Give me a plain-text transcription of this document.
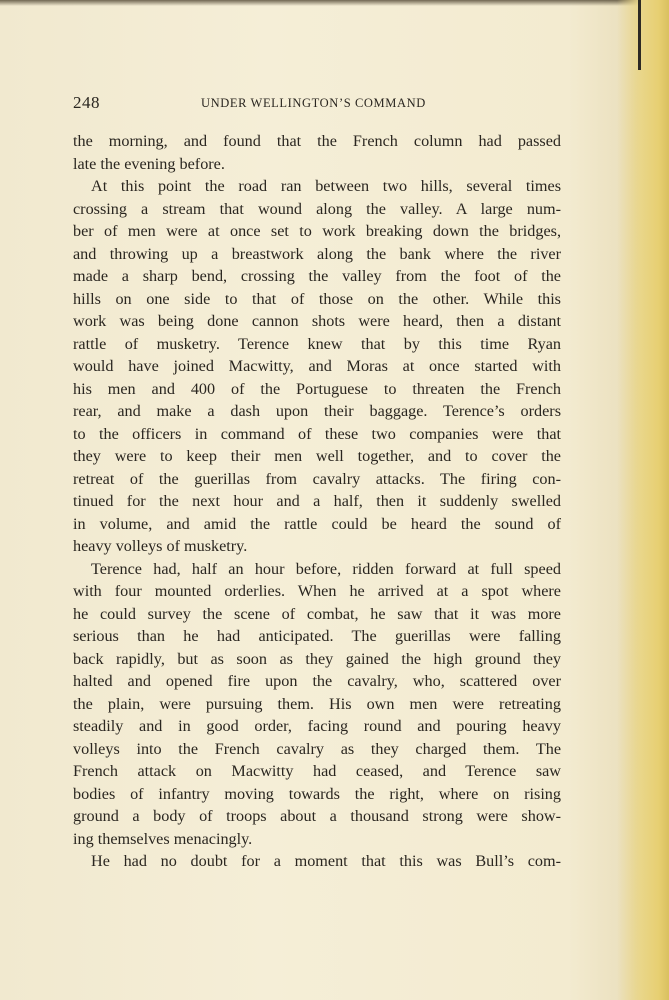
248	UNDER WELLINGTON’S COMMAND
the morning, and found that the French column had passed
late the evening before.
At this point the road ran between two hills, several times
crossing a stream that wound along the valley. A large num-
ber of men were at once set to work breaking down the bridges,
and throwing up a breastwork along the bank where the river
made a sharp bend, crossing the valley from the foot of the
hills on one side to that of those on the other. While this
work was being done cannon shots were heard, then a distant
rattle of musketry. Terence knew that by this time Ryan
would have joined Macwitty, and Moras at once started with
his men and 400 of the Portuguese to threaten the French
rear, and make a dash upon their baggage. Terence’s orders
to the officers in command of these two companies were that
they were to keep their men well together, and to cover the
retreat of the guerillas from cavalry attacks. The firing con-
tinued for the next hour and a half, then it suddenly swelled
in volume, and amid the rattle could be heard the sound of
heavy volleys of musketry.
Terence had, half an hour before, ridden forward at full speed
with four mounted orderlies. When he arrived at a spot where
he could survey the scene of combat, he saw that it was more
serious than he had anticipated. The guerillas were falling
back rapidly, but as soon as they gained the high ground they
halted and opened fire upon the cavalry, who, scattered over
the plain, were pursuing them. His own men were retreating
steadily and in good order, facing round and pouring heavy
volleys into the French cavalry as they charged them. The
French attack on Macwitty had ceased, and Terence saw
bodies of infantry moving towards the right, where on rising
ground a body of troops about a thousand strong were show-
ing themselves menacingly.
He had no doubt for a moment that this was Bull’s com-
